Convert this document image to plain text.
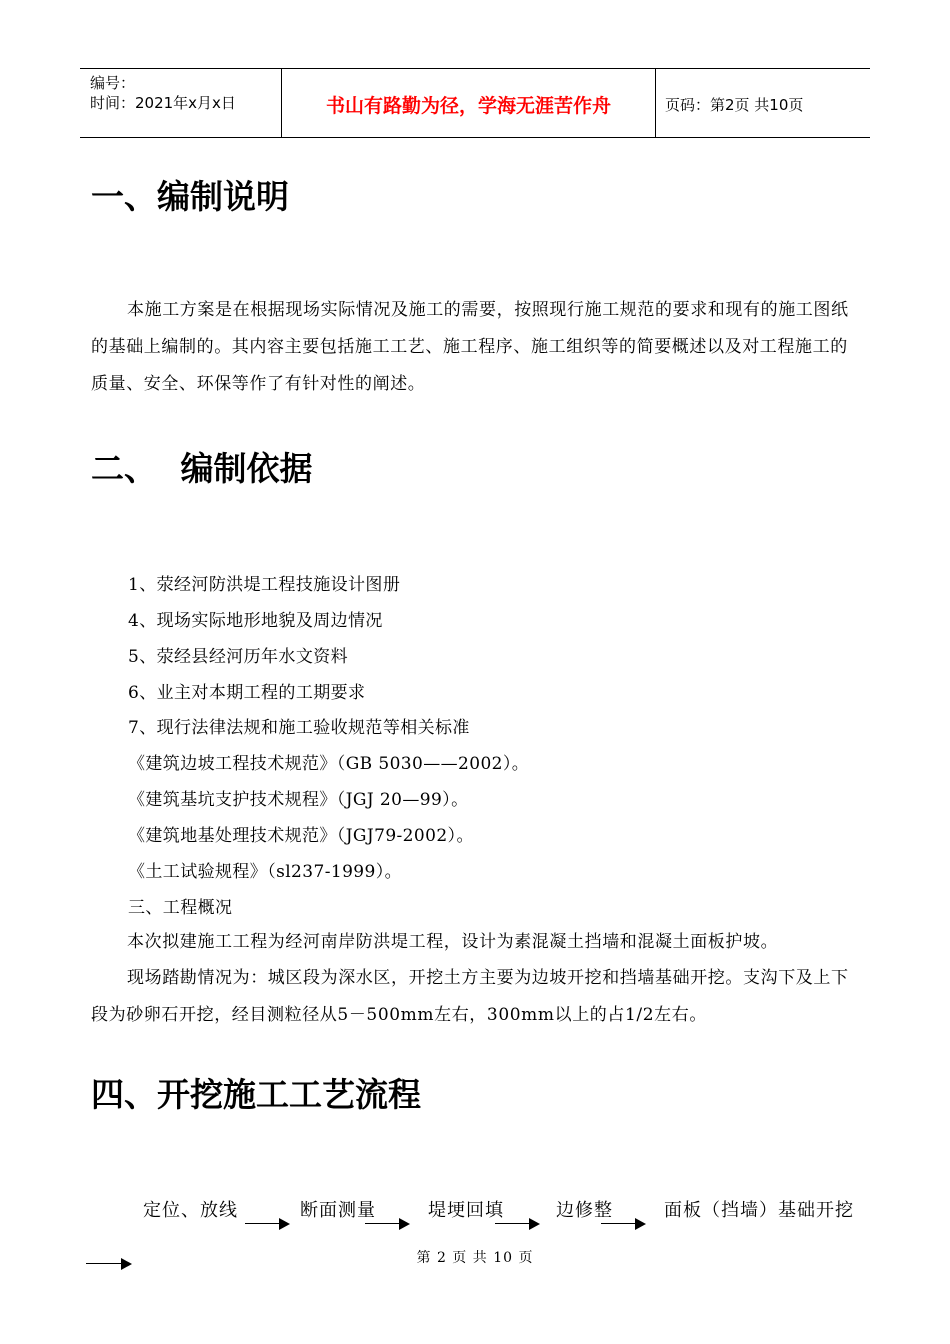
编号：
时间：2021年x月x日	书山有路勤为径，学海无涯苦作舟	页码：第2页 共10页
一、编制说明
本施工方案是在根据现场实际情况及施工的需要，按照现行施工规范的要求和现有的施工图纸的基础上编制的。其内容主要包括施工工艺、施工程序、施工组织等的简要概述以及对工程施工的质量、安全、环保等作了有针对性的阐述。
二、 编制依据
1、荥经河防洪堤工程技施设计图册
4、现场实际地形地貌及周边情况
5、荥经县经河历年水文资料
6、业主对本期工程的工期要求
7、现行法律法规和施工验收规范等相关标准
《建筑边坡工程技术规范》（GB 5030——2002）。
《建筑基坑支护技术规程》（JGJ 20—99）。
《建筑地基处理技术规范》（JGJ79-2002）。
《土工试验规程》（sl237-1999）。
三、工程概况
本次拟建施工工程为经河南岸防洪堤工程，设计为素混凝土挡墙和混凝土面板护坡。
现场踏勘情况为：城区段为深水区，开挖土方主要为边坡开挖和挡墙基础开挖。支沟下及上下段为砂卵石开挖，经目测粒径从5－500mm左右，300mm以上的占1/2左右。
四、开挖施工工艺流程
定位、放线	断面测量	堤埂回填	边修整	面板（挡墙）基础开挖
第 2 页 共 10 页
